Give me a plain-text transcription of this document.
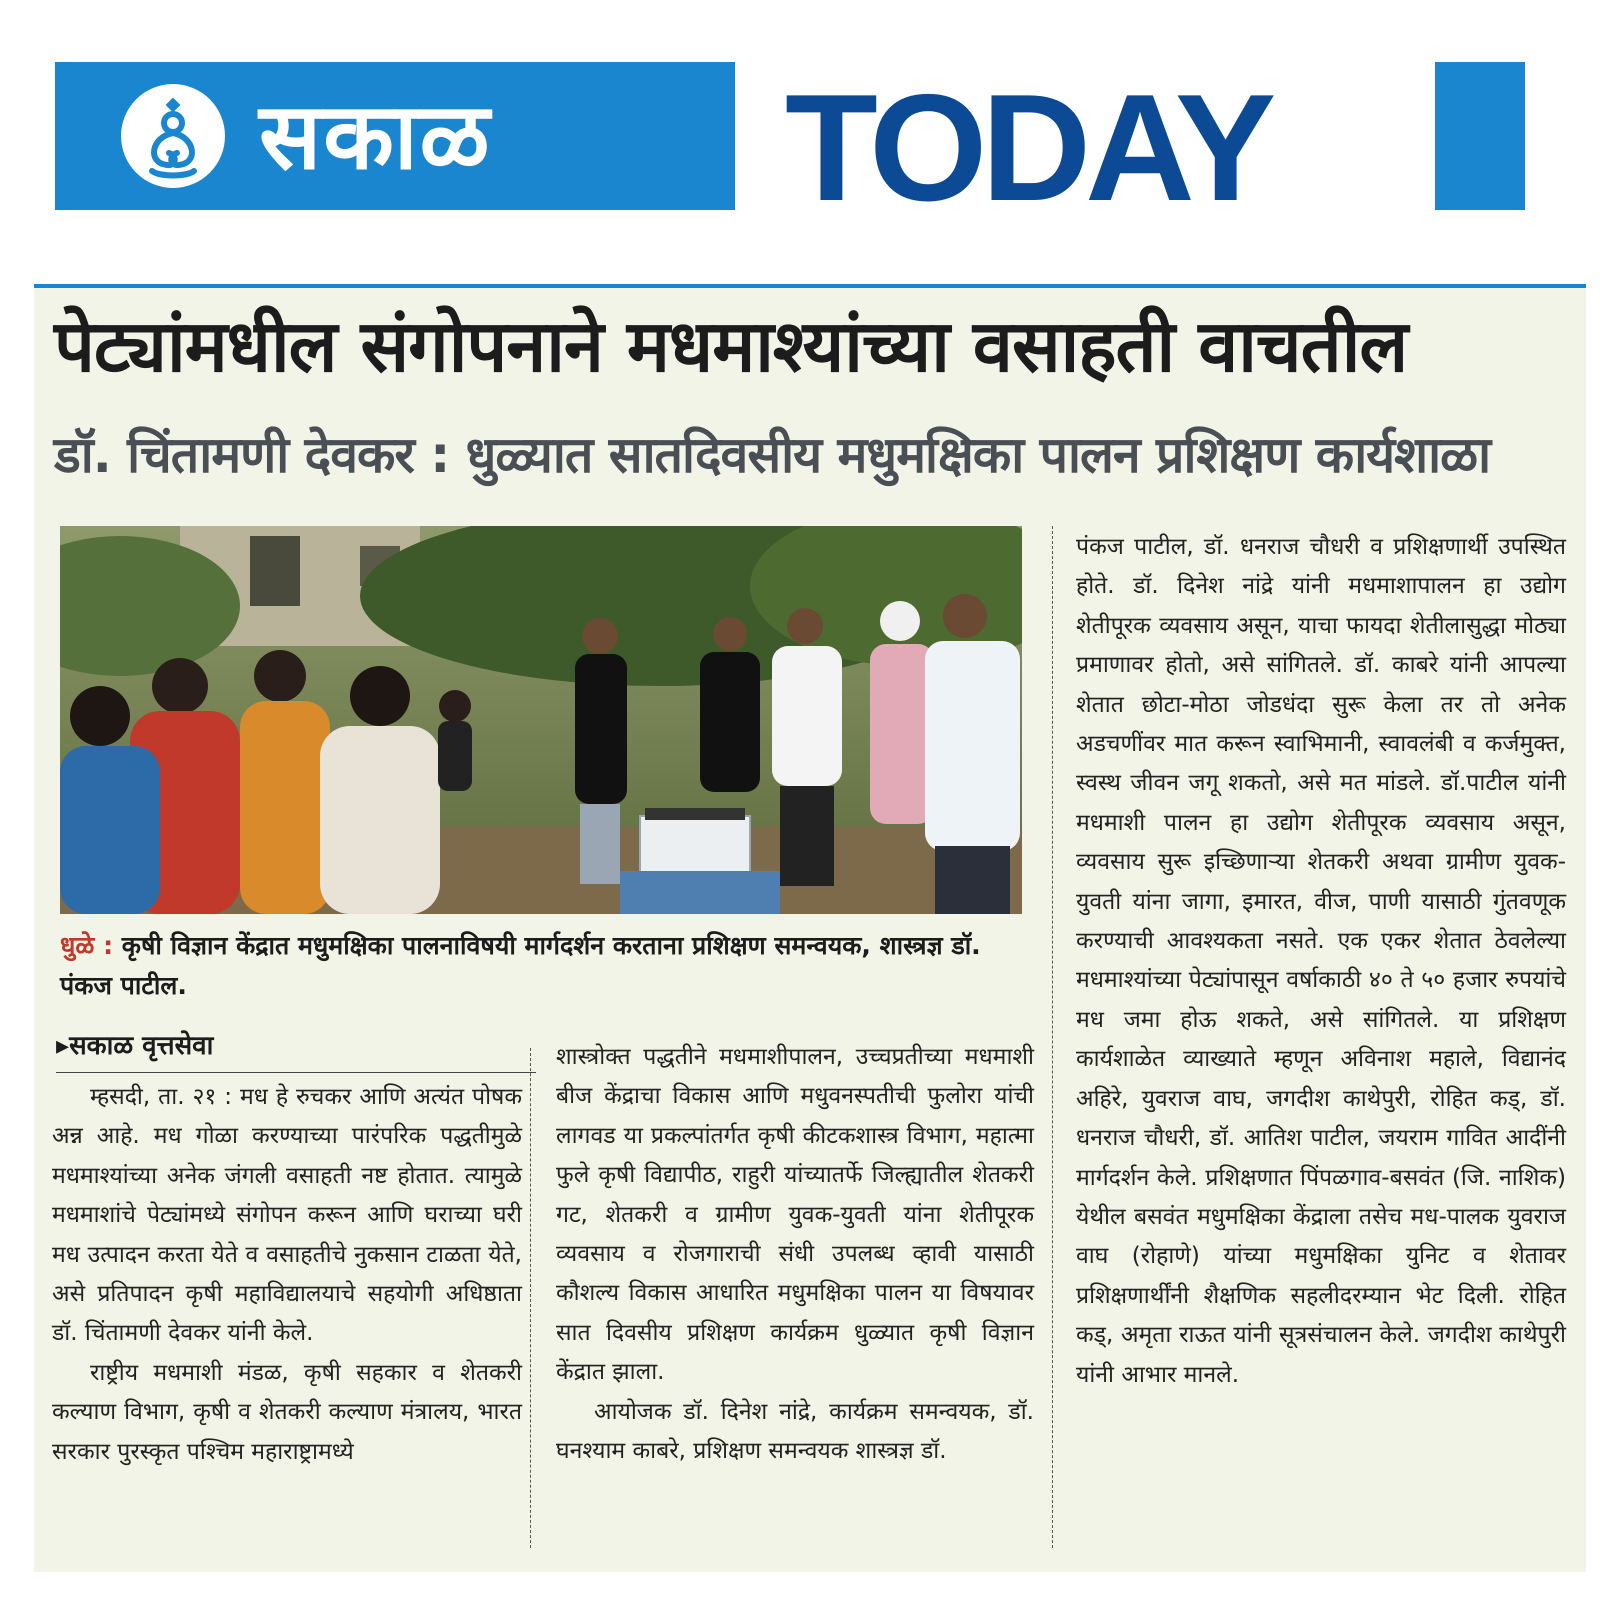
सकाळ TODAY
पेट्यांमधील संगोपनाने मधमाश्यांच्या वसाहती वाचतील
डॉ. चिंतामणी देवकर : धुळ्यात सातदिवसीय मधुमक्षिका पालन प्रशिक्षण कार्यशाळा
धुळे : कृषी विज्ञान केंद्रात मधुमक्षिका पालनाविषयी मार्गदर्शन करताना प्रशिक्षण समन्वयक, शास्त्रज्ञ डॉ. पंकज पाटील.
▸सकाळ वृत्तसेवा

म्हसदी, ता. २१ : मध हे रुचकर आणि अत्यंत पोषक अन्न आहे. मध गोळा करण्याच्या पारंपरिक पद्धतीमुळे मधमाश्यांच्या अनेक जंगली वसाहती नष्ट होतात. त्यामुळे मधमाशांचे पेट्यांमध्ये संगोपन करून आणि घराच्या घरी मध उत्पादन करता येते व वसाहतीचे नुकसान टाळता येते, असे प्रतिपादन कृषी महाविद्यालयाचे सहयोगी अधिष्ठाता डॉ. चिंतामणी देवकर यांनी केले.

राष्ट्रीय मधमाशी मंडळ, कृषी सहकार व शेतकरी कल्याण विभाग, कृषी व शेतकरी कल्याण मंत्रालय, भारत सरकार पुरस्कृत पश्चिम महाराष्ट्रामध्ये

शास्त्रोक्त पद्धतीने मधमाशीपालन, उच्चप्रतीच्या मधमाशी बीज केंद्राचा विकास आणि मधुवनस्पतीची फुलोरा यांची लागवड या प्रकल्पांतर्गत कृषी कीटकशास्त्र विभाग, महात्मा फुले कृषी विद्यापीठ, राहुरी यांच्यातर्फे जिल्ह्यातील शेतकरी गट, शेतकरी व ग्रामीण युवक-युवती यांना शेतीपूरक व्यवसाय व रोजगाराची संधी उपलब्ध व्हावी यासाठी कौशल्य विकास आधारित मधुमक्षिका पालन या विषयावर सात दिवसीय प्रशिक्षण कार्यक्रम धुळ्यात कृषी विज्ञान केंद्रात झाला.

आयोजक डॉ. दिनेश नांद्रे, कार्यक्रम समन्वयक, डॉ. घनश्याम काबरे, प्रशिक्षण समन्वयक शास्त्रज्ञ डॉ.

पंकज पाटील, डॉ. धनराज चौधरी व प्रशिक्षणार्थी उपस्थित होते. डॉ. दिनेश नांद्रे यांनी मधमाशापालन हा उद्योग शेतीपूरक व्यवसाय असून, याचा फायदा शेतीलासुद्धा मोठ्या प्रमाणावर होतो, असे सांगितले. डॉ. काबरे यांनी आपल्या शेतात छोटा-मोठा जोडधंदा सुरू केला तर तो अनेक अडचणींवर मात करून स्वाभिमानी, स्वावलंबी व कर्जमुक्त, स्वस्थ जीवन जगू शकतो, असे मत मांडले. डॉ.पाटील यांनी मधमाशी पालन हा उद्योग शेतीपूरक व्यवसाय असून, व्यवसाय सुरू इच्छिणाऱ्या शेतकरी अथवा ग्रामीण युवक-युवती यांना जागा, इमारत, वीज, पाणी यासाठी गुंतवणूक करण्याची आवश्यकता नसते. एक एकर शेतात ठेवलेल्या मधमाश्यांच्या पेट्यांपासून वर्षाकाठी ४० ते ५० हजार रुपयांचे मध जमा होऊ शकते, असे सांगितले. या प्रशिक्षण कार्यशाळेत व्याख्याते म्हणून अविनाश महाले, विद्यानंद अहिरे, युवराज वाघ, जगदीश काथेपुरी, रोहित कड्, डॉ. धनराज चौधरी, डॉ. आतिश पाटील, जयराम गावित आदींनी मार्गदर्शन केले. प्रशिक्षणात पिंपळगाव-बसवंत (जि. नाशिक) येथील बसवंत मधुमक्षिका केंद्राला तसेच मध-पालक युवराज वाघ (रोहाणे) यांच्या मधुमक्षिका युनिट व शेतावर प्रशिक्षणार्थींनी शैक्षणिक सहलीदरम्यान भेट दिली. रोहित कड्, अमृता राऊत यांनी सूत्रसंचालन केले. जगदीश काथेपुरी यांनी आभार मानले.
